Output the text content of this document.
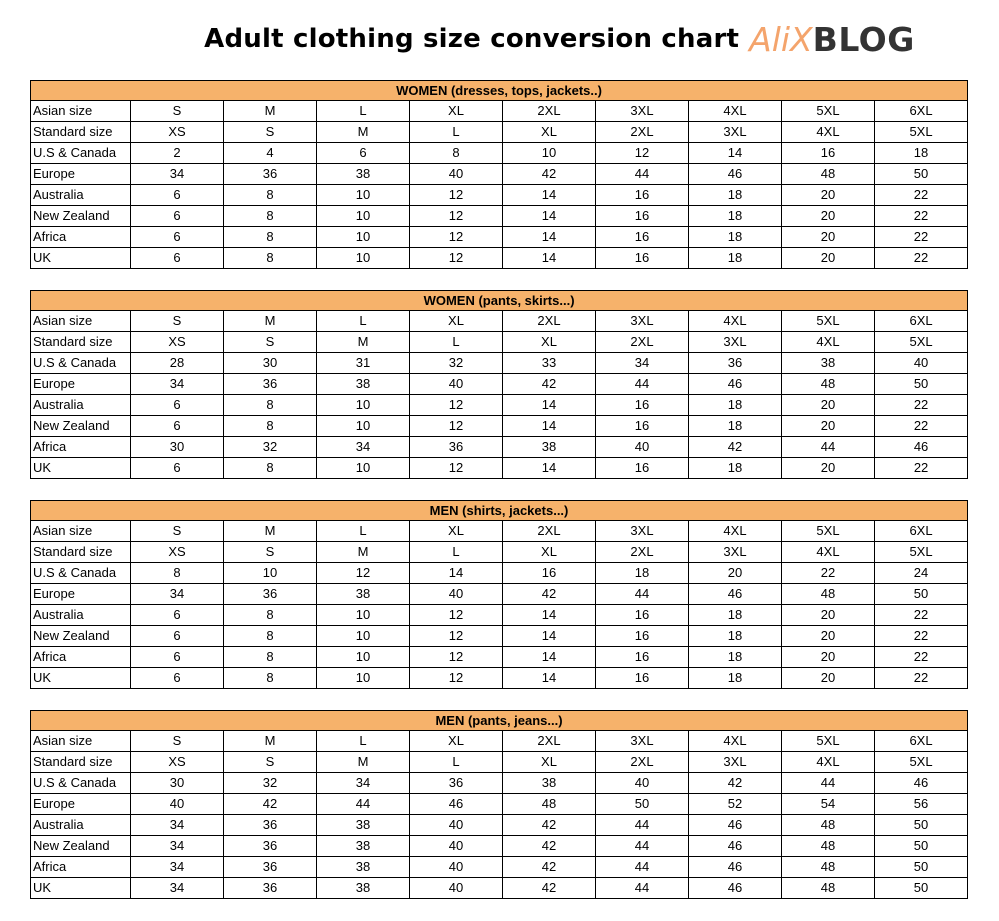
Adult clothing size conversion chart AliX BLOG
WOMEN (dresses, tops, jackets..)									
Asian size	S	M	L	XL	2XL	3XL	4XL	5XL	6XL
Standard size	XS	S	M	L	XL	2XL	3XL	4XL	5XL
U.S & Canada	2	4	6	8	10	12	14	16	18
Europe	34	36	38	40	42	44	46	48	50
Australia	6	8	10	12	14	16	18	20	22
New Zealand	6	8	10	12	14	16	18	20	22
Africa	6	8	10	12	14	16	18	20	22
UK	6	8	10	12	14	16	18	20	22
WOMEN (pants, skirts...)									
Asian size	S	M	L	XL	2XL	3XL	4XL	5XL	6XL
Standard size	XS	S	M	L	XL	2XL	3XL	4XL	5XL
U.S & Canada	28	30	31	32	33	34	36	38	40
Europe	34	36	38	40	42	44	46	48	50
Australia	6	8	10	12	14	16	18	20	22
New Zealand	6	8	10	12	14	16	18	20	22
Africa	30	32	34	36	38	40	42	44	46
UK	6	8	10	12	14	16	18	20	22
MEN (shirts, jackets...)									
Asian size	S	M	L	XL	2XL	3XL	4XL	5XL	6XL
Standard size	XS	S	M	L	XL	2XL	3XL	4XL	5XL
U.S & Canada	8	10	12	14	16	18	20	22	24
Europe	34	36	38	40	42	44	46	48	50
Australia	6	8	10	12	14	16	18	20	22
New Zealand	6	8	10	12	14	16	18	20	22
Africa	6	8	10	12	14	16	18	20	22
UK	6	8	10	12	14	16	18	20	22
MEN (pants, jeans...)									
Asian size	S	M	L	XL	2XL	3XL	4XL	5XL	6XL
Standard size	XS	S	M	L	XL	2XL	3XL	4XL	5XL
U.S & Canada	30	32	34	36	38	40	42	44	46
Europe	40	42	44	46	48	50	52	54	56
Australia	34	36	38	40	42	44	46	48	50
New Zealand	34	36	38	40	42	44	46	48	50
Africa	34	36	38	40	42	44	46	48	50
UK	34	36	38	40	42	44	46	48	50
